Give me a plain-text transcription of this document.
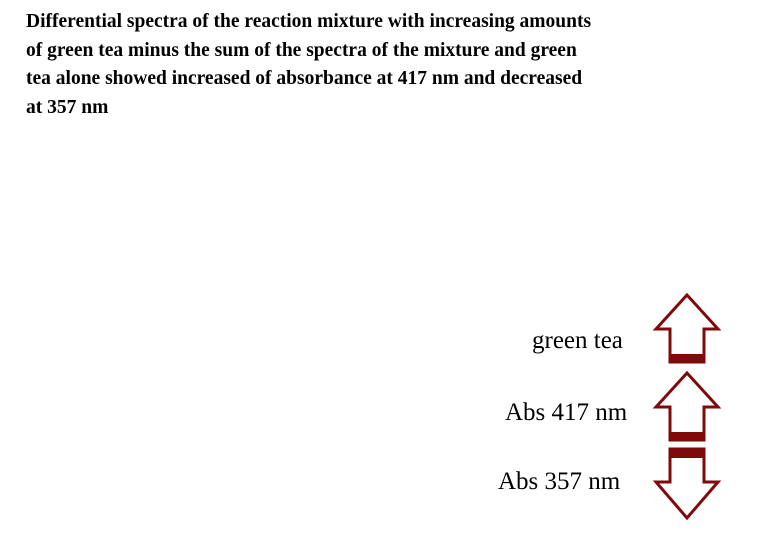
Differential spectra of the reaction mixture with increasing amounts
of green tea minus the sum of the spectra of the mixture and green
tea alone showed increased of absorbance at 417 nm and decreased
at 357 nm

green tea
Abs 417 nm
Abs 357 nm
